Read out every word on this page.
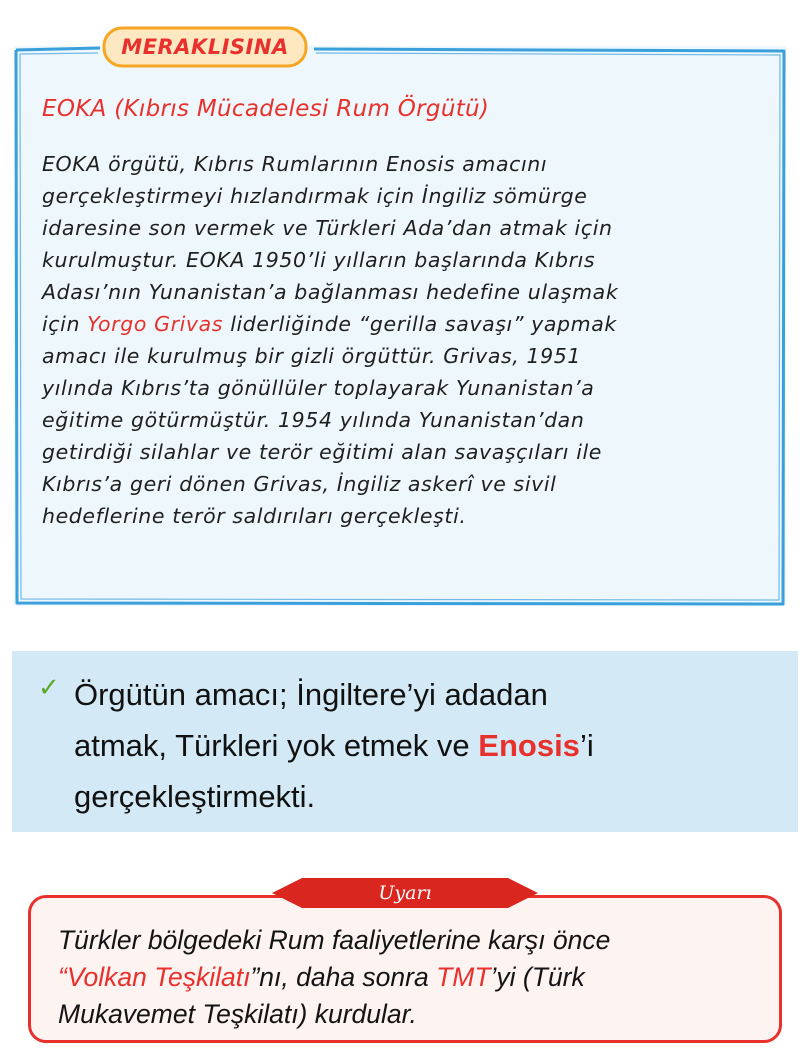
MERAKLISINA
EOKA (Kıbrıs Mücadelesi Rum Örgütü)
EOKA örgütü, Kıbrıs Rumlarının Enosis amacını
gerçekleştirmeyi hızlandırmak için İngiliz sömürge
idaresine son vermek ve Türkleri Ada’dan atmak için
kurulmuştur. EOKA 1950’li yılların başlarında Kıbrıs
Adası’nın Yunanistan’a bağlanması hedefine ulaşmak
için Yorgo Grivas liderliğinde “gerilla savaşı” yapmak
amacı ile kurulmuş bir gizli örgüttür. Grivas, 1951
yılında Kıbrıs’ta gönüllüler toplayarak Yunanistan’a
eğitime götürmüştür. 1954 yılında Yunanistan’dan
getirdiği silahlar ve terör eğitimi alan savaşçıları ile
Kıbrıs’a geri dönen Grivas, İngiliz askerî ve sivil
hedeflerine terör saldırıları gerçekleşti.
✓ Örgütün amacı; İngiltere’yi adadan
atmak, Türkleri yok etmek ve Enosis’i
gerçekleştirmekti.
Uyarı
Türkler bölgedeki Rum faaliyetlerine karşı önce
“Volkan Teşkilatı”nı, daha sonra TMT’yi (Türk
Mukavemet Teşkilatı) kurdular.
